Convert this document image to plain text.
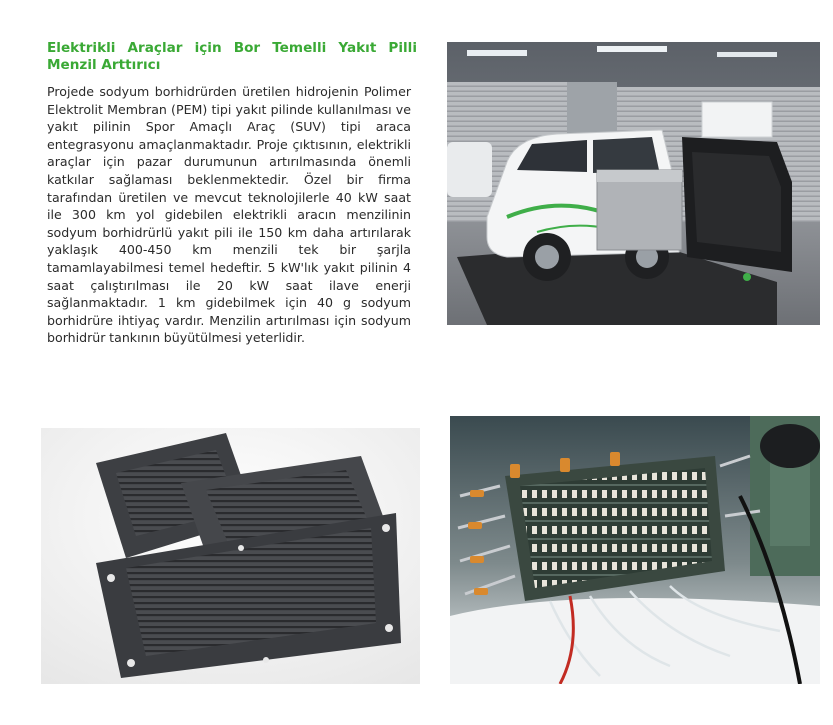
Elektrikli Araçlar için Bor Temelli Yakıt Pilli Menzil Arttırıcı

Projede sodyum borhidrürden üretilen hidrojenin Polimer Elektrolit Membran (PEM) tipi yakıt pilinde kullanılması ve yakıt pilinin Spor Amaçlı Araç (SUV) tipi araca entegrasyonu amaçlanmaktadır. Proje çıktısının, elektrikli araçlar için pazar durumunun artırılmasında önemli katkılar sağlaması beklenmektedir. Özel bir firma tarafından üretilen ve mevcut teknolojilerle 40 kW saat ile 300 km yol gidebilen elektrikli aracın menzilinin sodyum borhidrürlü yakıt pili ile 150 km daha artırılarak yaklaşık 400-450 km menzili tek bir şarjla tamamlayabilmesi temel hedeftir. 5 kW'lık yakıt pilinin 4 saat çalıştırılması ile 20 kW saat ilave enerji sağlanmaktadır. 1 km gidebilmek için 40 g sodyum borhidrüre ihtiyaç vardır. Menzilin artırılması için sodyum borhidrür tankının büyütülmesi yeterlidir.
